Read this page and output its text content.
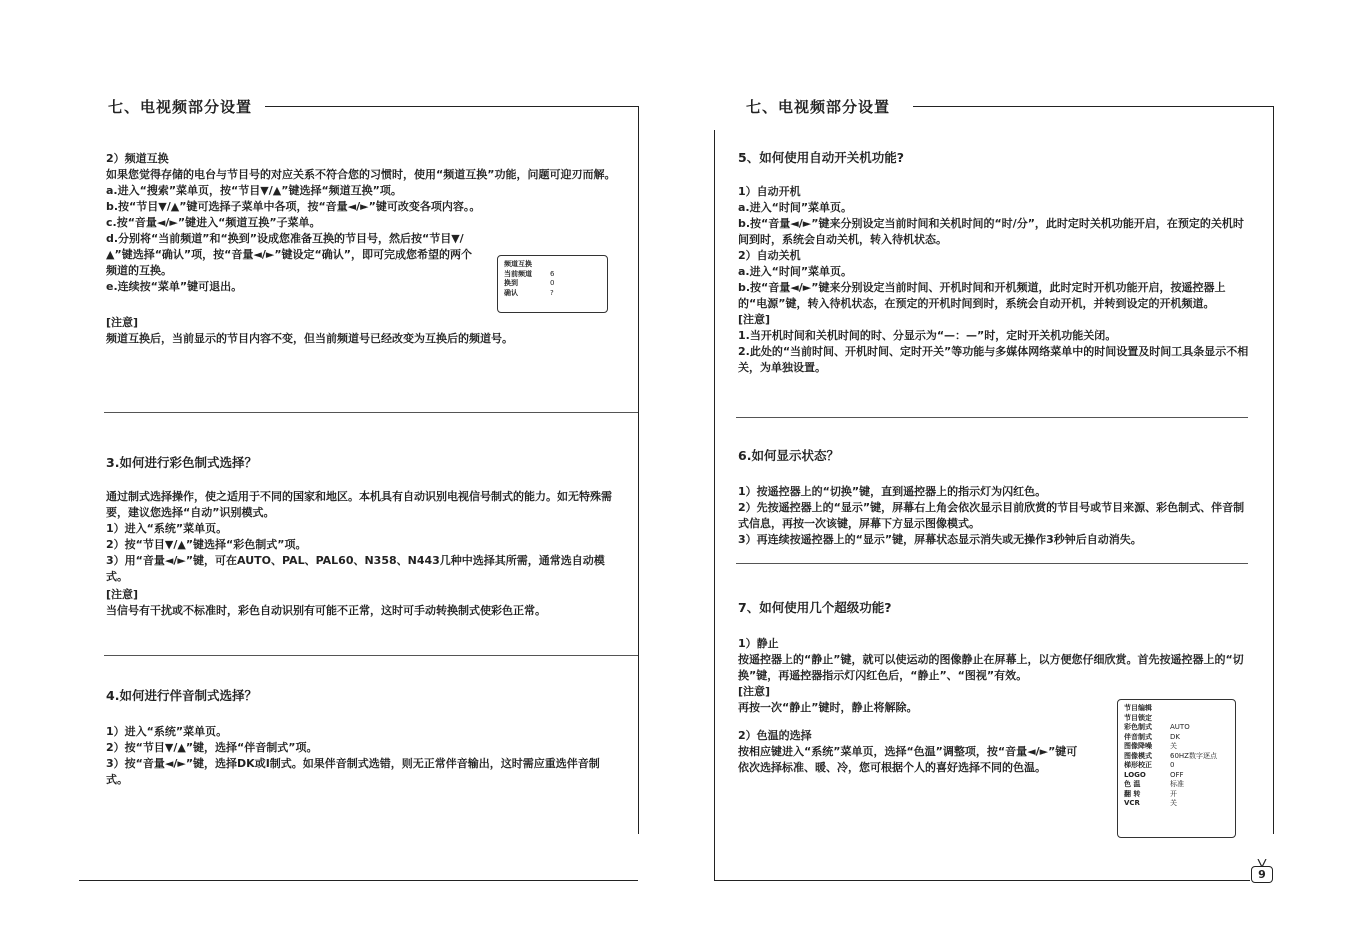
七、电视频部分设置

2）频道互换

如果您觉得存储的电台与节目号的对应关系不符合您的习惯时，使用“频道互换”功能，问题可迎刃而解。

a.进入“搜索”菜单页，按“节目▼/▲”键选择“频道互换”项。

b.按“节目▼/▲”键可选择子菜单中各项，按“音量◄/►”键可改变各项内容。。

c.按“音量◄/►”键进入“频道互换”子菜单。

d.分别将“当前频道”和“换到”设成您准备互换的节目号，然后按“节目▼/▲”键选择“确认”项，按“音量◄/►”键设定“确认”，即可完成您希望的两个频道的互换。

e.连续按“菜单”键可退出。

[注意]

频道互换后，当前显示的节目内容不变，但当前频道号已经改变为互换后的频道号。

频道互换
当前频道	6
换到	0
确认	?

3.如何进行彩色制式选择？

通过制式选择操作，使之适用于不同的国家和地区。本机具有自动识别电视信号制式的能力。如无特殊需要，建议您选择“自动”识别模式。

1）进入“系统”菜单页。

2）按“节目▼/▲”键选择“彩色制式”项。

3）用“音量◄/►”键，可在AUTO、PAL、PAL60、N358、N443几种中选择其所需，通常选自动模式。

[注意]

当信号有干扰或不标准时，彩色自动识别有可能不正常，这时可手动转换制式使彩色正常。

4.如何进行伴音制式选择？

1）进入“系统”菜单页。

2）按“节目▼/▲”键，选择“伴音制式”项。

3）按“音量◄/►”键，选择DK或I制式。如果伴音制式选错，则无正常伴音输出，这时需应重选伴音制式。

七、电视频部分设置

5、如何使用自动开关机功能?

1）自动开机

a.进入“时间”菜单页。

b.按“音量◄/►”键来分别设定当前时间和关机时间的“时/分”，此时定时关机功能开启，在预定的关机时间到时，系统会自动关机，转入待机状态。

2）自动关机

a.进入“时间”菜单页。

b.按“音量◄/►”键来分别设定当前时间、开机时间和开机频道，此时定时开机功能开启，按遥控器上的“电源”键，转入待机状态，在预定的开机时间到时，系统会自动开机，并转到设定的开机频道。

[注意]

1.当开机时间和关机时间的时、分显示为“—：—”时，定时开关机功能关闭。

2.此处的“当前时间、开机时间、定时开关”等功能与多媒体网络菜单中的时间设置及时间工具条显示不相关，为单独设置。

6.如何显示状态？

1）按遥控器上的“切换”键，直到遥控器上的指示灯为闪红色。

2）先按遥控器上的“显示”键，屏幕右上角会依次显示目前欣赏的节目号或节目来源、彩色制式、伴音制式信息，再按一次该键，屏幕下方显示图像模式。

3）再连续按遥控器上的“显示”键，屏幕状态显示消失或无操作3秒钟后自动消失。

7、如何使用几个超级功能?

1）静止

按遥控器上的“静止”键，就可以使运动的图像静止在屏幕上，以方便您仔细欣赏。首先按遥控器上的“切换”键，再遥控器指示灯闪红色后，“静止”、“图视”有效。

[注意]

再按一次“静止”键时，静止将解除。

2）色温的选择

按相应键进入“系统”菜单页，选择“色温”调整项，按“音量◄/►”键可依次选择标准、暖、冷，您可根据个人的喜好选择不同的色温。

节目编辑
节目锁定
彩色制式	AUTO
伴音制式	DK
图像降噪	关
图像模式	60HZ数字逐点
梯形校正	0
LOGO	OFF
色 温	标准
翻 转	开
VCR	关
9
